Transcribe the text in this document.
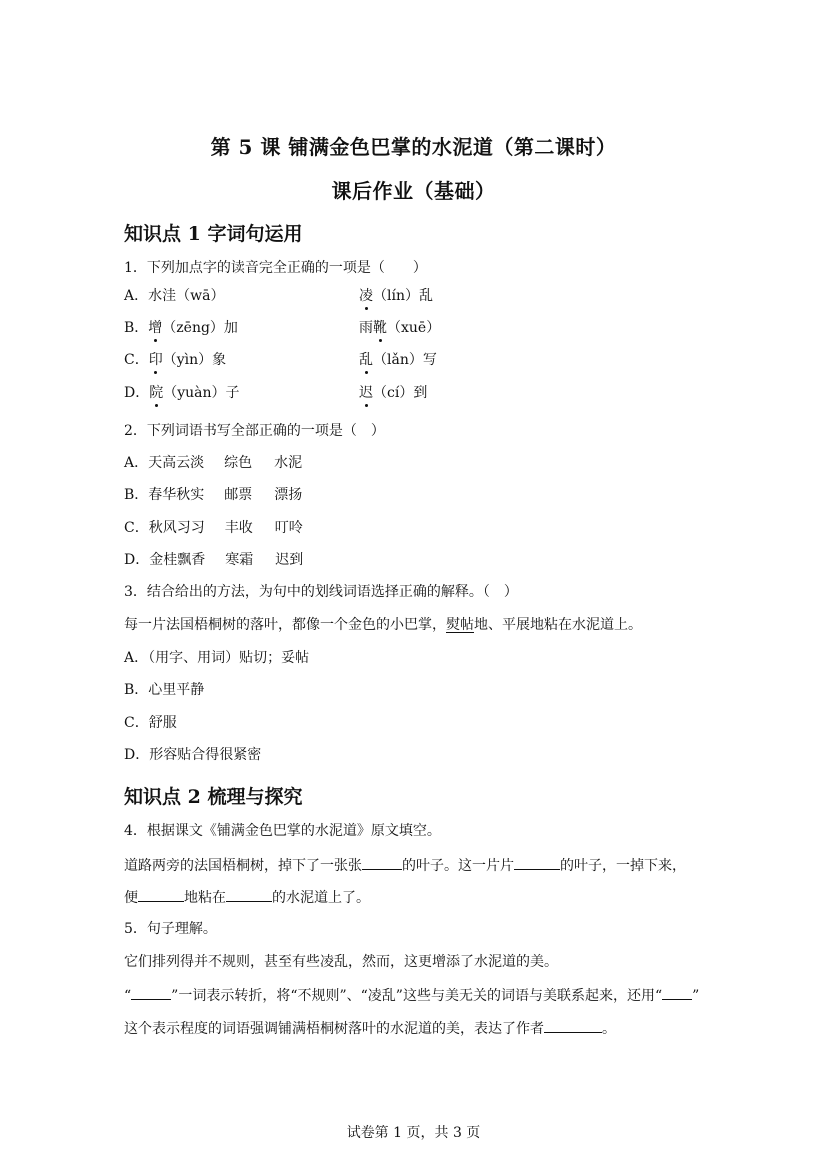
第 5 课 铺满金色巴掌的水泥道（第二课时）
课后作业（基础）
知识点 1 字词句运用
1．下列加点字的读音完全正确的一项是（　　）
A．水洼（wā）	凌（lín）乱
B．增（zēng）加	雨靴（xuē）
C．印（yìn）象	乱（lǎn）写
D．院（yuàn）子	迟（cí）到
2．下列词语书写全部正确的一项是（　）
A．天高云淡 综色 水泥
B．春华秋实 邮票 漂扬
C．秋风习习 丰收 叮呤
D．金桂飘香 寒霜 迟到
3．结合给出的方法，为句中的划线词语选择正确的解释。（　）
每一片法国梧桐树的落叶，都像一个金色的小巴掌，熨帖地、平展地粘在水泥道上。
A．（用字、用词）贴切；妥帖
B．心里平静
C．舒服
D．形容贴合得很紧密
知识点 2 梳理与探究
4．根据课文《铺满金色巴掌的水泥道》原文填空。
道路两旁的法国梧桐树，掉下了一张张	的叶子。这一片片	的叶子，一掉下来，
便	地粘在	的水泥道上了。
5．句子理解。
它们排列得并不规则，甚至有些凌乱，然而，这更增添了水泥道的美。
“	”一词表示转折，将“不规则”、“凌乱”这些与美无关的词语与美联系起来，还用“ ”
这个表示程度的词语强调铺满梧桐树落叶的水泥道的美，表达了作者	。
试卷第 1 页，共 3 页
